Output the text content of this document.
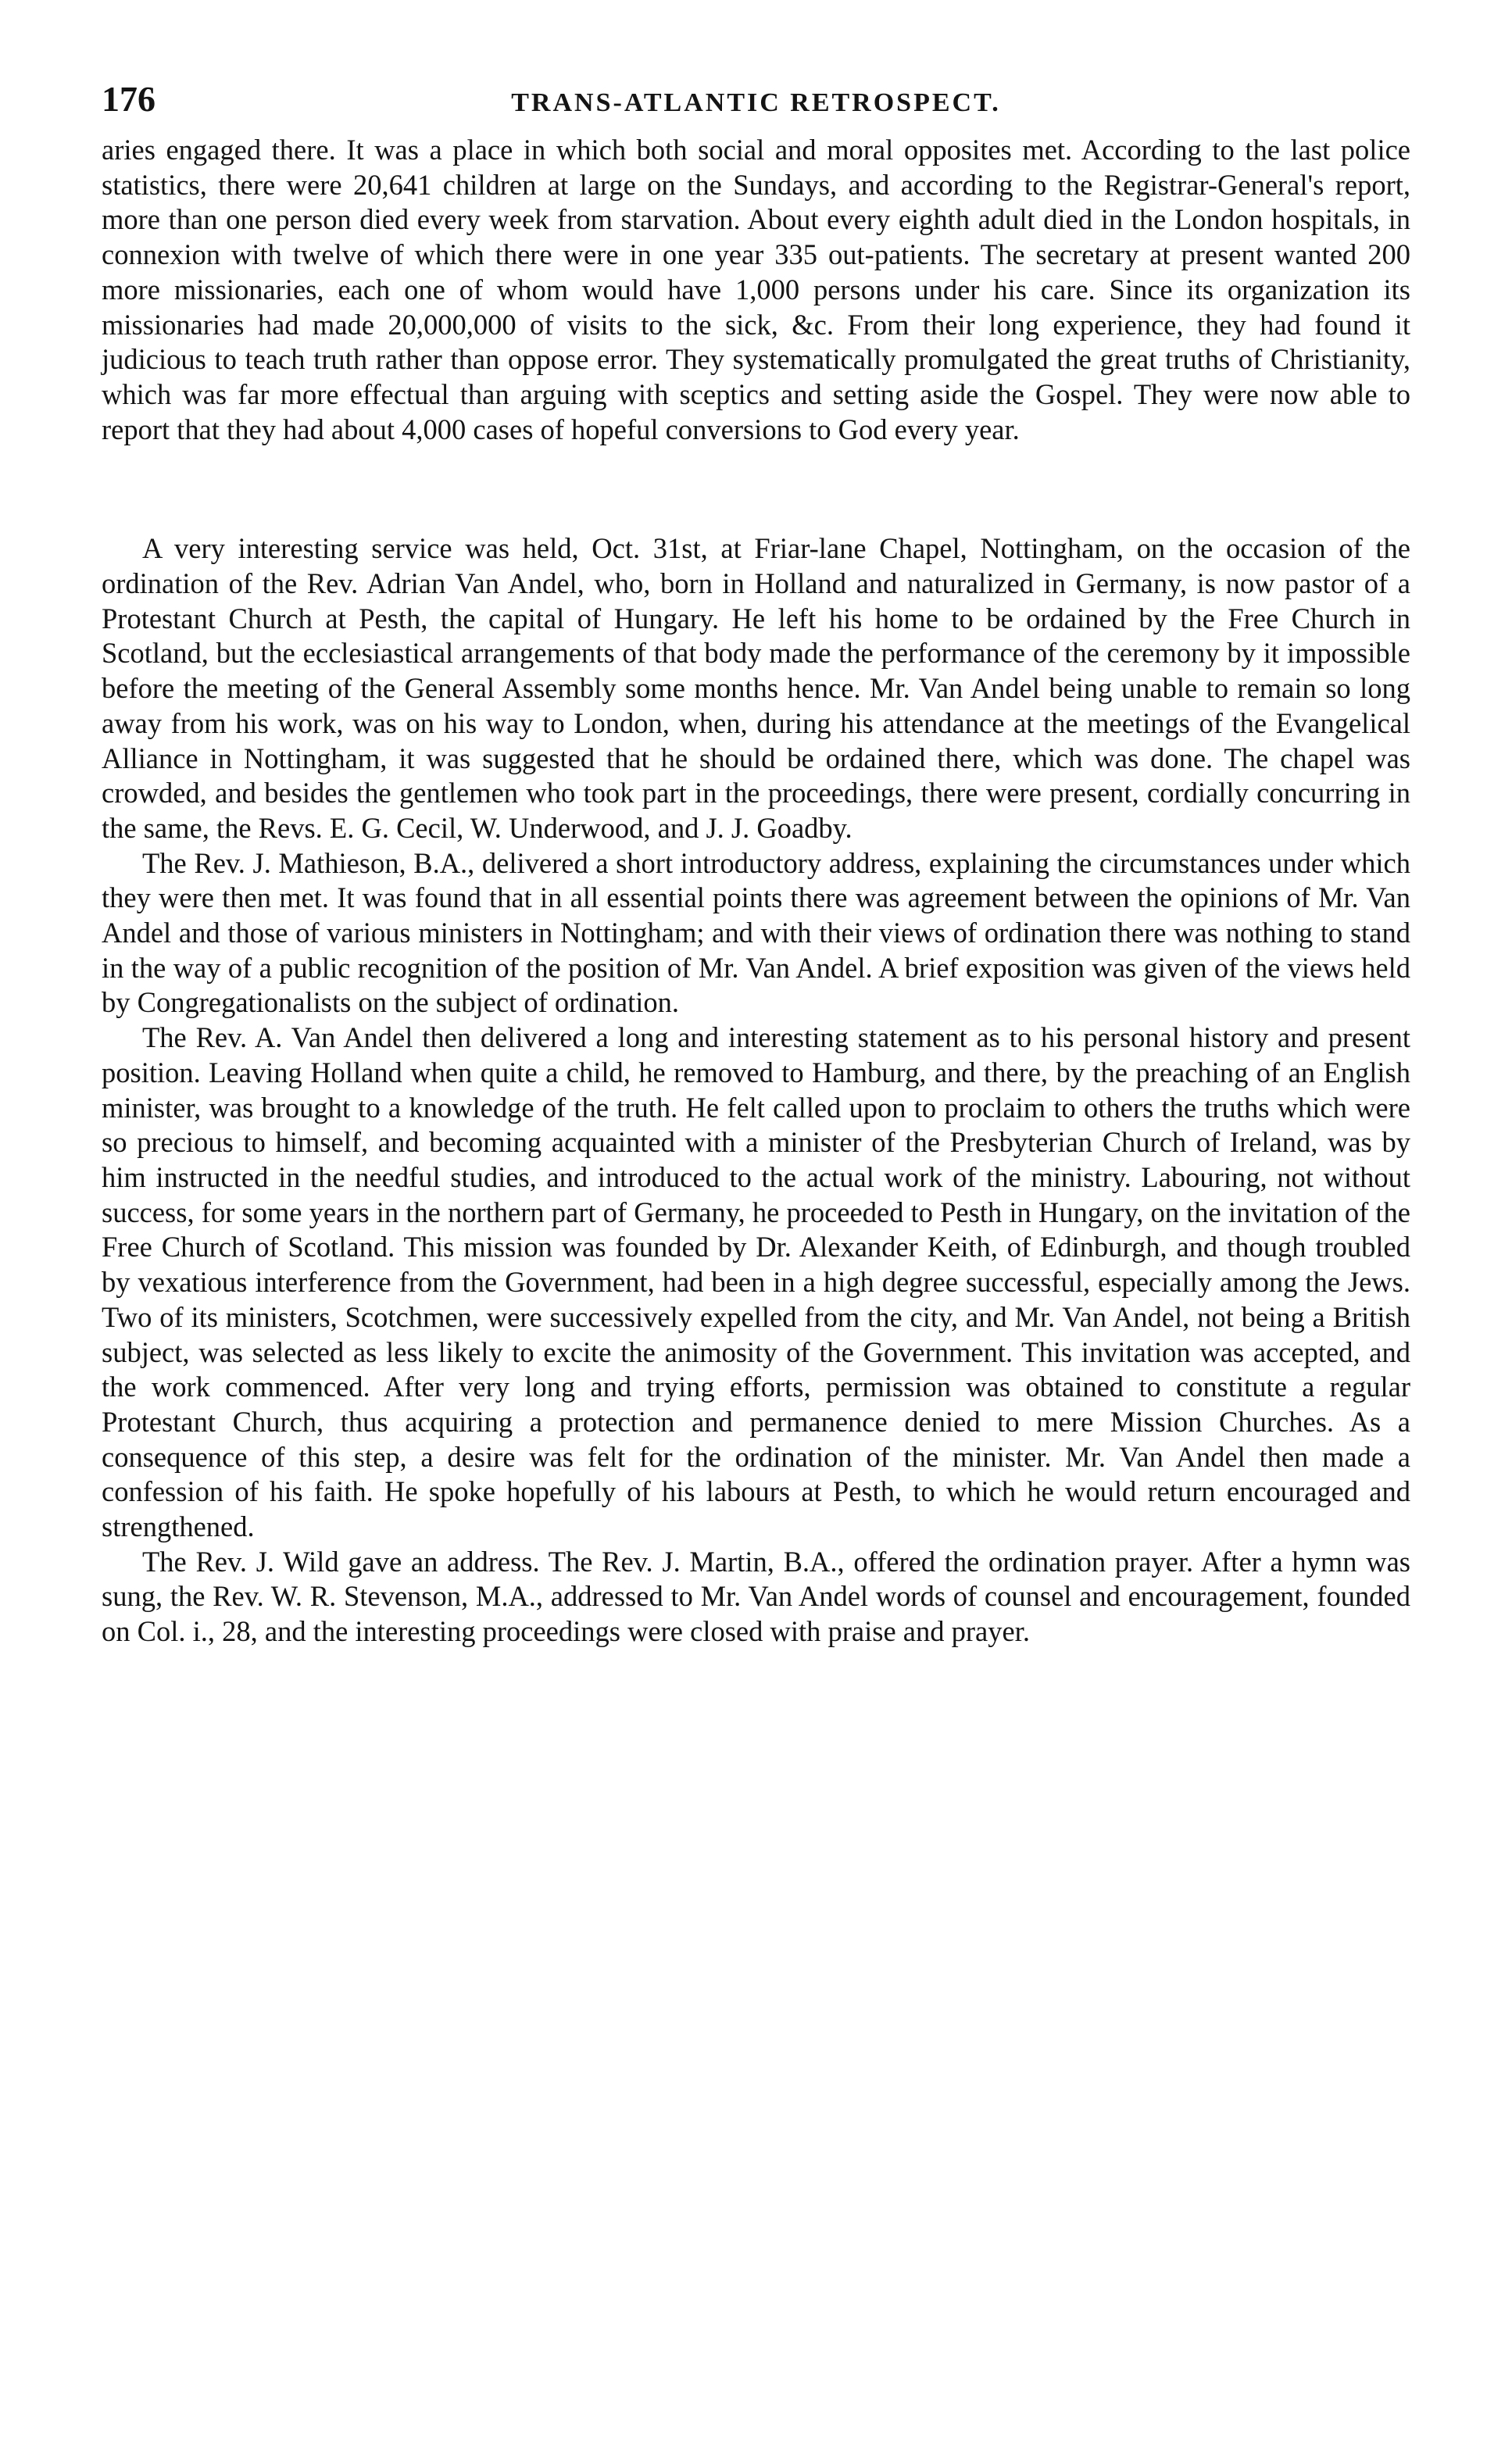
176	TRANS-ATLANTIC RETROSPECT.

aries engaged there. It was a place in which both social and moral opposites met. According to the last police statistics, there were 20,641 children at large on the Sundays, and according to the Registrar-General's report, more than one person died every week from starvation. About every eighth adult died in the London hospitals, in connexion with twelve of which there were in one year 335 out-patients. The secretary at present wanted 200 more missionaries, each one of whom would have 1,000 persons under his care. Since its organization its missionaries had made 20,000,000 of visits to the sick, &c. From their long experience, they had found it judicious to teach truth rather than oppose error. They systematically promulgated the great truths of Christianity, which was far more effectual than arguing with sceptics and setting aside the Gospel. They were now able to report that they had about 4,000 cases of hopeful conversions to God every year.

A very interesting service was held, Oct. 31st, at Friar-lane Chapel, Nottingham, on the occasion of the ordination of the Rev. Adrian Van Andel, who, born in Holland and naturalized in Germany, is now pastor of a Protestant Church at Pesth, the capital of Hungary. He left his home to be ordained by the Free Church in Scotland, but the ecclesiastical arrangements of that body made the performance of the ceremony by it impossible before the meeting of the General Assembly some months hence. Mr. Van Andel being unable to remain so long away from his work, was on his way to London, when, during his attendance at the meetings of the Evangelical Alliance in Nottingham, it was suggested that he should be ordained there, which was done. The chapel was crowded, and besides the gentlemen who took part in the proceedings, there were present, cordially concurring in the same, the Revs. E. G. Cecil, W. Underwood, and J. J. Goadby.

The Rev. J. Mathieson, B.A., delivered a short introductory address, explaining the circumstances under which they were then met. It was found that in all essential points there was agreement between the opinions of Mr. Van Andel and those of various ministers in Nottingham; and with their views of ordination there was nothing to stand in the way of a public recognition of the position of Mr. Van Andel. A brief exposition was given of the views held by Congregationalists on the subject of ordination.

The Rev. A. Van Andel then delivered a long and interesting statement as to his personal history and present position. Leaving Holland when quite a child, he removed to Hamburg, and there, by the preaching of an English minister, was brought to a knowledge of the truth. He felt called upon to proclaim to others the truths which were so precious to himself, and becoming acquainted with a minister of the Presbyterian Church of Ireland, was by him instructed in the needful studies, and introduced to the actual work of the ministry. Labouring, not without success, for some years in the northern part of Germany, he proceeded to Pesth in Hungary, on the invitation of the Free Church of Scotland. This mission was founded by Dr. Alexander Keith, of Edinburgh, and though troubled by vexatious interference from the Government, had been in a high degree successful, especially among the Jews. Two of its ministers, Scotchmen, were successively expelled from the city, and Mr. Van Andel, not being a British subject, was selected as less likely to excite the animosity of the Government. This invitation was accepted, and the work commenced. After very long and trying efforts, permission was obtained to constitute a regular Protestant Church, thus acquiring a protection and permanence denied to mere Mission Churches. As a consequence of this step, a desire was felt for the ordination of the minister. Mr. Van Andel then made a confession of his faith. He spoke hopefully of his labours at Pesth, to which he would return encouraged and strengthened.

The Rev. J. Wild gave an address. The Rev. J. Martin, B.A., offered the ordination prayer. After a hymn was sung, the Rev. W. R. Stevenson, M.A., addressed to Mr. Van Andel words of counsel and encouragement, founded on Col. i., 28, and the interesting proceedings were closed with praise and prayer.
